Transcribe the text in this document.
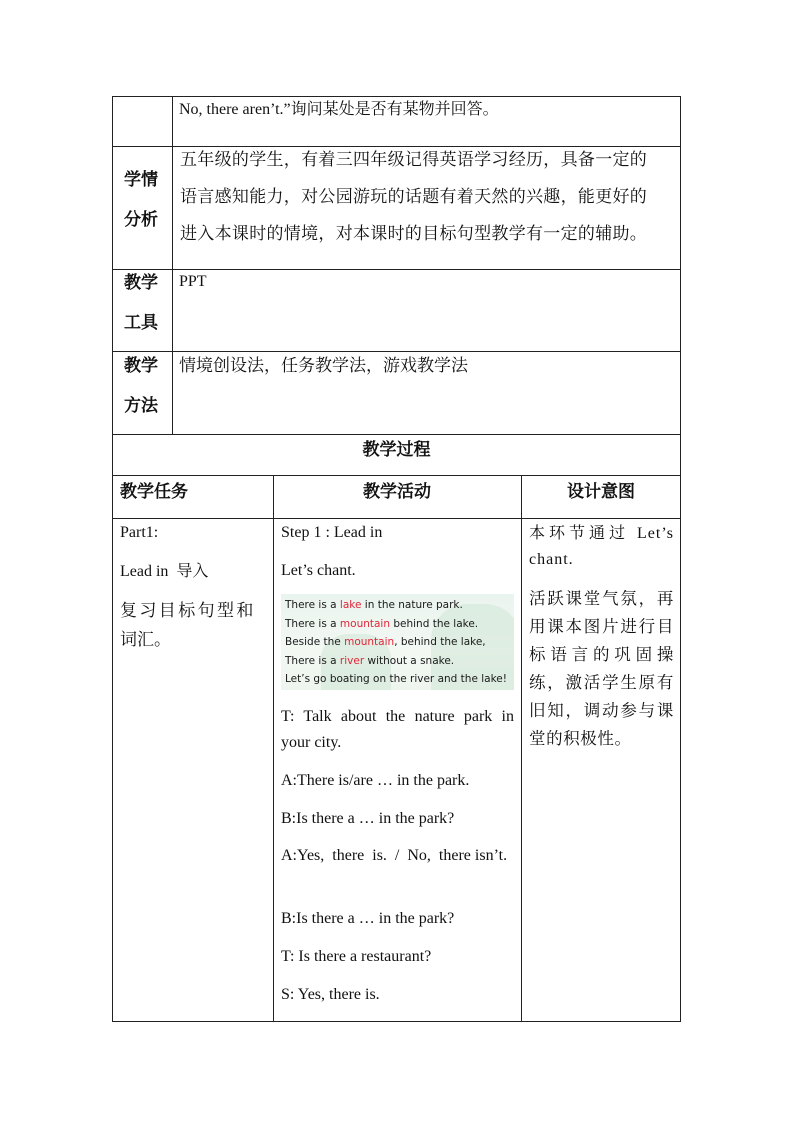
No, there aren’t.”询问某处是否有某物并回答。
学情
分析
五年级的学生，有着三四年级记得英语学习经历，具备一定的
语言感知能力，对公园游玩的话题有着天然的兴趣，能更好的
进入本课时的情境，对本课时的目标句型教学有一定的辅助。
教学
工具
PPT
教学
方法
情境创设法，任务教学法，游戏教学法
教学过程
教学任务	教学活动	设计意图
Part1:
Lead in  导入
复习目标句型和
词汇。
Step 1 : Lead in
Let’s chant.
There is a lake in the nature park.
There is a mountain behind the lake.
Beside the mountain, behind the lake,
There is a river without a snake.
Let’s go boating on the river and the lake!
T: Talk about the nature park in your city.
A:There is/are … in the park.
B:Is there a … in the park?
A:Yes,  there  is.  /  No,  there isn’t.
B:Is there a … in the park?
T: Is there a restaurant?
S: Yes, there is.
本环节通过 Let’s chant.
活跃课堂气氛，再用课本图片进行目标语言的巩固操练，激活学生原有旧知，调动参与课堂的积极性。
